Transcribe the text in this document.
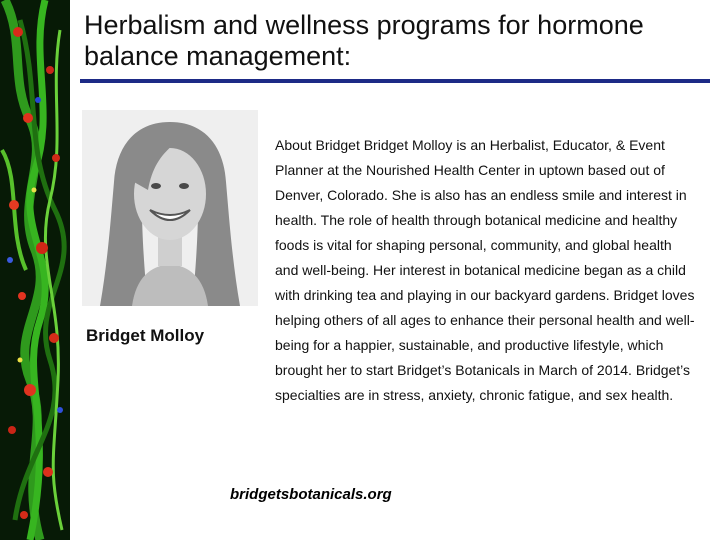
Herbalism and wellness programs for hormone balance management:
Bridget Molloy
About Bridget Bridget Molloy is an Herbalist, Educator, & Event Planner at the Nourished Health Center in uptown based out of Denver, Colorado. She is also has an endless smile and interest in health. The role of health through botanical medicine and healthy foods is vital for shaping personal, community, and global health and well-being. Her interest in botanical medicine began as a child with drinking tea and playing in our backyard gardens. Bridget loves helping others of all ages to enhance their personal health and well-being for a happier, sustainable, and productive lifestyle, which brought her to start Bridget’s Botanicals in March of 2014. Bridget’s specialties are in stress, anxiety, chronic fatigue, and sex health.
bridgetsbotanicals.org
